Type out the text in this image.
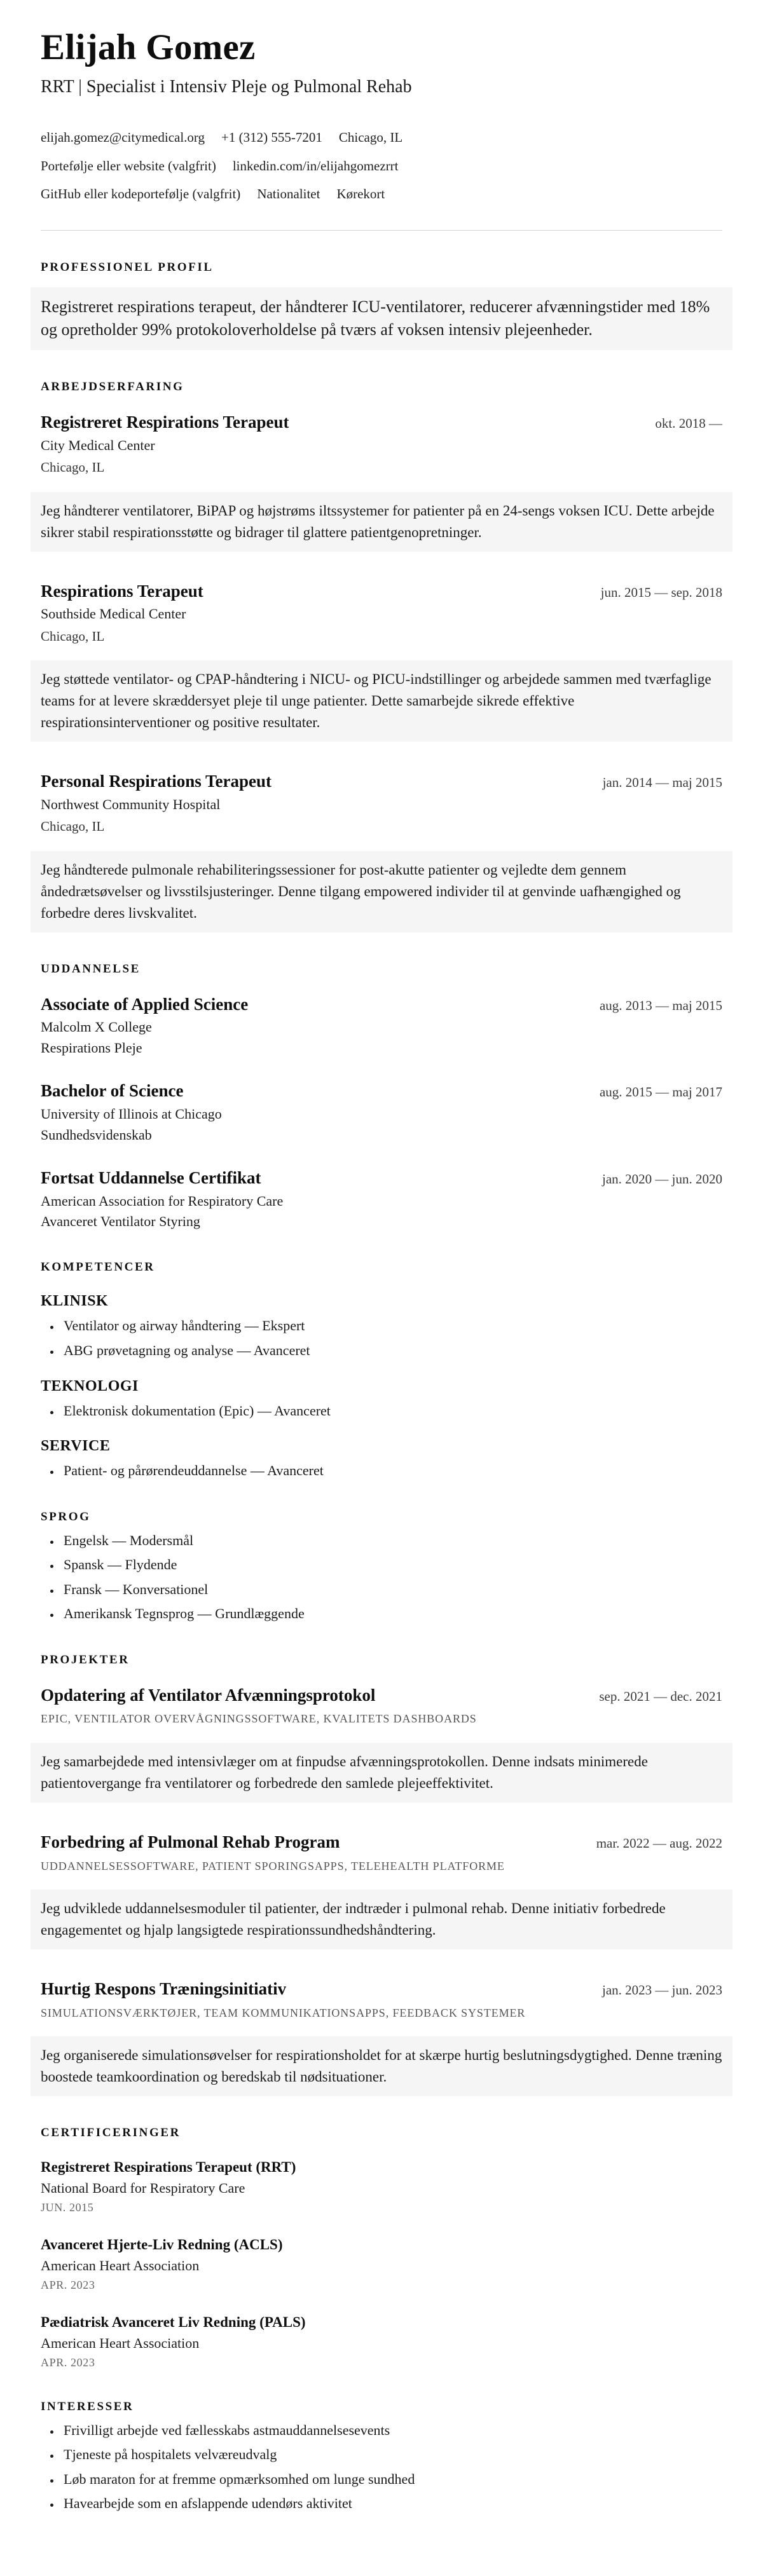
Elijah Gomez
RRT | Specialist i Intensiv Pleje og Pulmonal Rehab
elijah.gomez@citymedical.org +1 (312) 555-7201 Chicago, IL
Portefølje eller website (valgfrit) linkedin.com/in/elijahgomezrrt
GitHub eller kodeportefølje (valgfrit) Nationalitet Kørekort
PROFESSIONEL PROFIL

Registreret respirations terapeut, der håndterer ICU-ventilatorer, reducerer afvænningstider med 18% og opretholder 99% protokoloverholdelse på tværs af voksen intensiv plejeenheder.

ARBEJDSERFARING
Registreret Respirations Terapeut	okt. 2018 —
City Medical Center
Chicago, IL

Jeg håndterer ventilatorer, BiPAP og højstrøms iltssystemer for patienter på en 24-sengs voksen ICU. Dette arbejde sikrer stabil respirationsstøtte og bidrager til glattere patientgenopretninger.

Respirations Terapeut	jun. 2015 — sep. 2018
Southside Medical Center
Chicago, IL

Jeg støttede ventilator- og CPAP-håndtering i NICU- og PICU-indstillinger og arbejdede sammen med tværfaglige teams for at levere skræddersyet pleje til unge patienter. Dette samarbejde sikrede effektive respirationsinterventioner og positive resultater.

Personal Respirations Terapeut	jan. 2014 — maj 2015
Northwest Community Hospital
Chicago, IL

Jeg håndterede pulmonale rehabiliteringssessioner for post-akutte patienter og vejledte dem gennem åndedrætsøvelser og livsstilsjusteringer. Denne tilgang empowered individer til at genvinde uafhængighed og forbedre deres livskvalitet.

UDDANNELSE
Associate of Applied Science	aug. 2013 — maj 2015
Malcolm X College
Respirations Pleje
Bachelor of Science	aug. 2015 — maj 2017
University of Illinois at Chicago
Sundhedsvidenskab
Fortsat Uddannelse Certifikat	jan. 2020 — jun. 2020
American Association for Respiratory Care
Avanceret Ventilator Styring
KOMPETENCER
KLINISK
• Ventilator og airway håndtering — Ekspert
• ABG prøvetagning og analyse — Avanceret
TEKNOLOGI
• Elektronisk dokumentation (Epic) — Avanceret
SERVICE
• Patient- og pårørendeuddannelse — Avanceret
SPROG
• Engelsk — Modersmål
• Spansk — Flydende
• Fransk — Konversationel
• Amerikansk Tegnsprog — Grundlæggende
PROJEKTER
Opdatering af Ventilator Afvænningsprotokol	sep. 2021 — dec. 2021
EPIC, VENTILATOR OVERVÅGNINGSSOFTWARE, KVALITETS DASHBOARDS

Jeg samarbejdede med intensivlæger om at finpudse afvænningsprotokollen. Denne indsats minimerede patientovergange fra ventilatorer og forbedrede den samlede plejeeffektivitet.

Forbedring af Pulmonal Rehab Program	mar. 2022 — aug. 2022
UDDANNELSESSOFTWARE, PATIENT SPORINGSAPPS, TELEHEALTH PLATFORME

Jeg udviklede uddannelsesmoduler til patienter, der indtræder i pulmonal rehab. Denne initiativ forbedrede engagementet og hjalp langsigtede respirationssundhedshåndtering.

Hurtig Respons Træningsinitiativ	jan. 2023 — jun. 2023
SIMULATIONSVÆRKTØJER, TEAM KOMMUNIKATIONSAPPS, FEEDBACK SYSTEMER

Jeg organiserede simulationsøvelser for respirationsholdet for at skærpe hurtig beslutningsdygtighed. Denne træning boostede teamkoordination og beredskab til nødsituationer.

CERTIFICERINGER
Registreret Respirations Terapeut (RRT)
National Board for Respiratory Care
JUN. 2015
Avanceret Hjerte-Liv Redning (ACLS)
American Heart Association
APR. 2023
Pædiatrisk Avanceret Liv Redning (PALS)
American Heart Association
APR. 2023
INTERESSER
• Frivilligt arbejde ved fællesskabs astmauddannelsesevents
• Tjeneste på hospitalets velværeudvalg
• Løb maraton for at fremme opmærksomhed om lunge sundhed
• Havearbejde som en afslappende udendørs aktivitet
